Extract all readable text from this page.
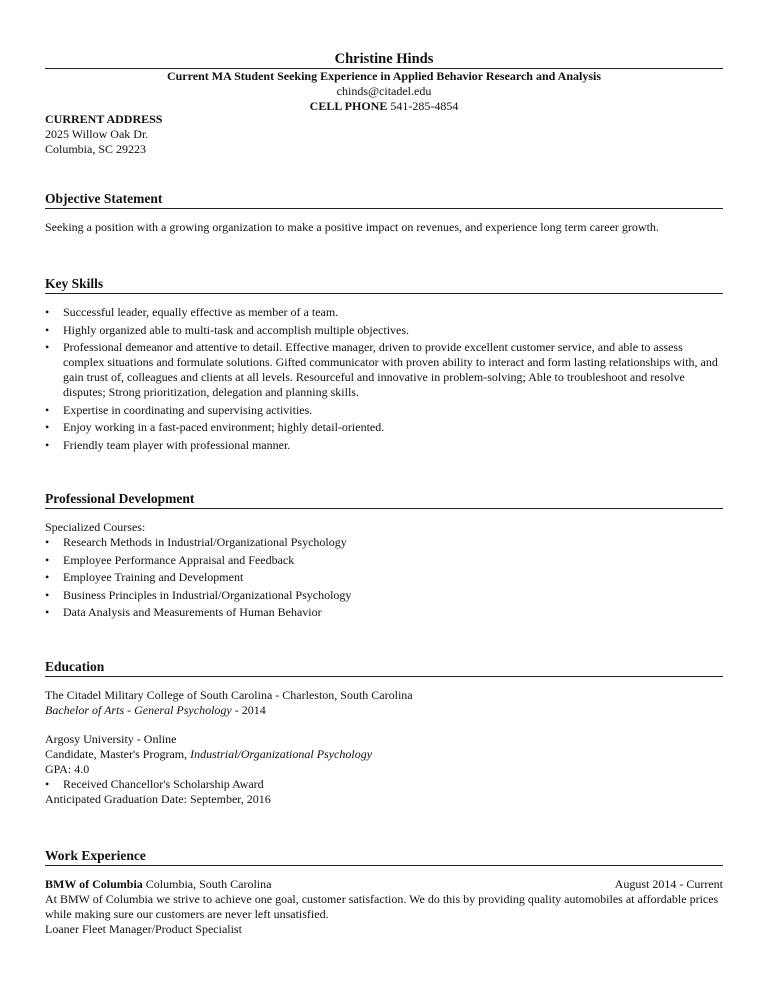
Christine Hinds
Current MA Student Seeking Experience in Applied Behavior Research and Analysis
chinds@citadel.edu
CELL PHONE 541-285-4854
CURRENT ADDRESS
2025 Willow Oak Dr.
Columbia, SC 29223
Objective Statement
Seeking a position with a growing organization to make a positive impact on revenues, and experience long term career growth.
Key Skills
• Successful leader, equally effective as member of a team.
• Highly organized able to multi-task and accomplish multiple objectives.
• Professional demeanor and attentive to detail. Effective manager, driven to provide excellent customer service, and able to assess complex situations and formulate solutions. Gifted communicator with proven ability to interact and form lasting relationships with, and gain trust of, colleagues and clients at all levels. Resourceful and innovative in problem-solving; Able to troubleshoot and resolve disputes; Strong prioritization, delegation and planning skills.
• Expertise in coordinating and supervising activities.
• Enjoy working in a fast-paced environment; highly detail-oriented.
• Friendly team player with professional manner.
Professional Development
Specialized Courses:
• Research Methods in Industrial/Organizational Psychology
• Employee Performance Appraisal and Feedback
• Employee Training and Development
• Business Principles in Industrial/Organizational Psychology
• Data Analysis and Measurements of Human Behavior
Education
The Citadel Military College of South Carolina - Charleston, South Carolina
Bachelor of Arts - General Psychology - 2014
Argosy University - Online
Candidate, Master's Program, Industrial/Organizational Psychology
GPA: 4.0
• Received Chancellor's Scholarship Award
Anticipated Graduation Date: September, 2016
Work Experience
BMW of Columbia Columbia, South Carolina	August 2014 - Current
At BMW of Columbia we strive to achieve one goal, customer satisfaction. We do this by providing quality automobiles at affordable prices while making sure our customers are never left unsatisfied.
Loaner Fleet Manager/Product Specialist
